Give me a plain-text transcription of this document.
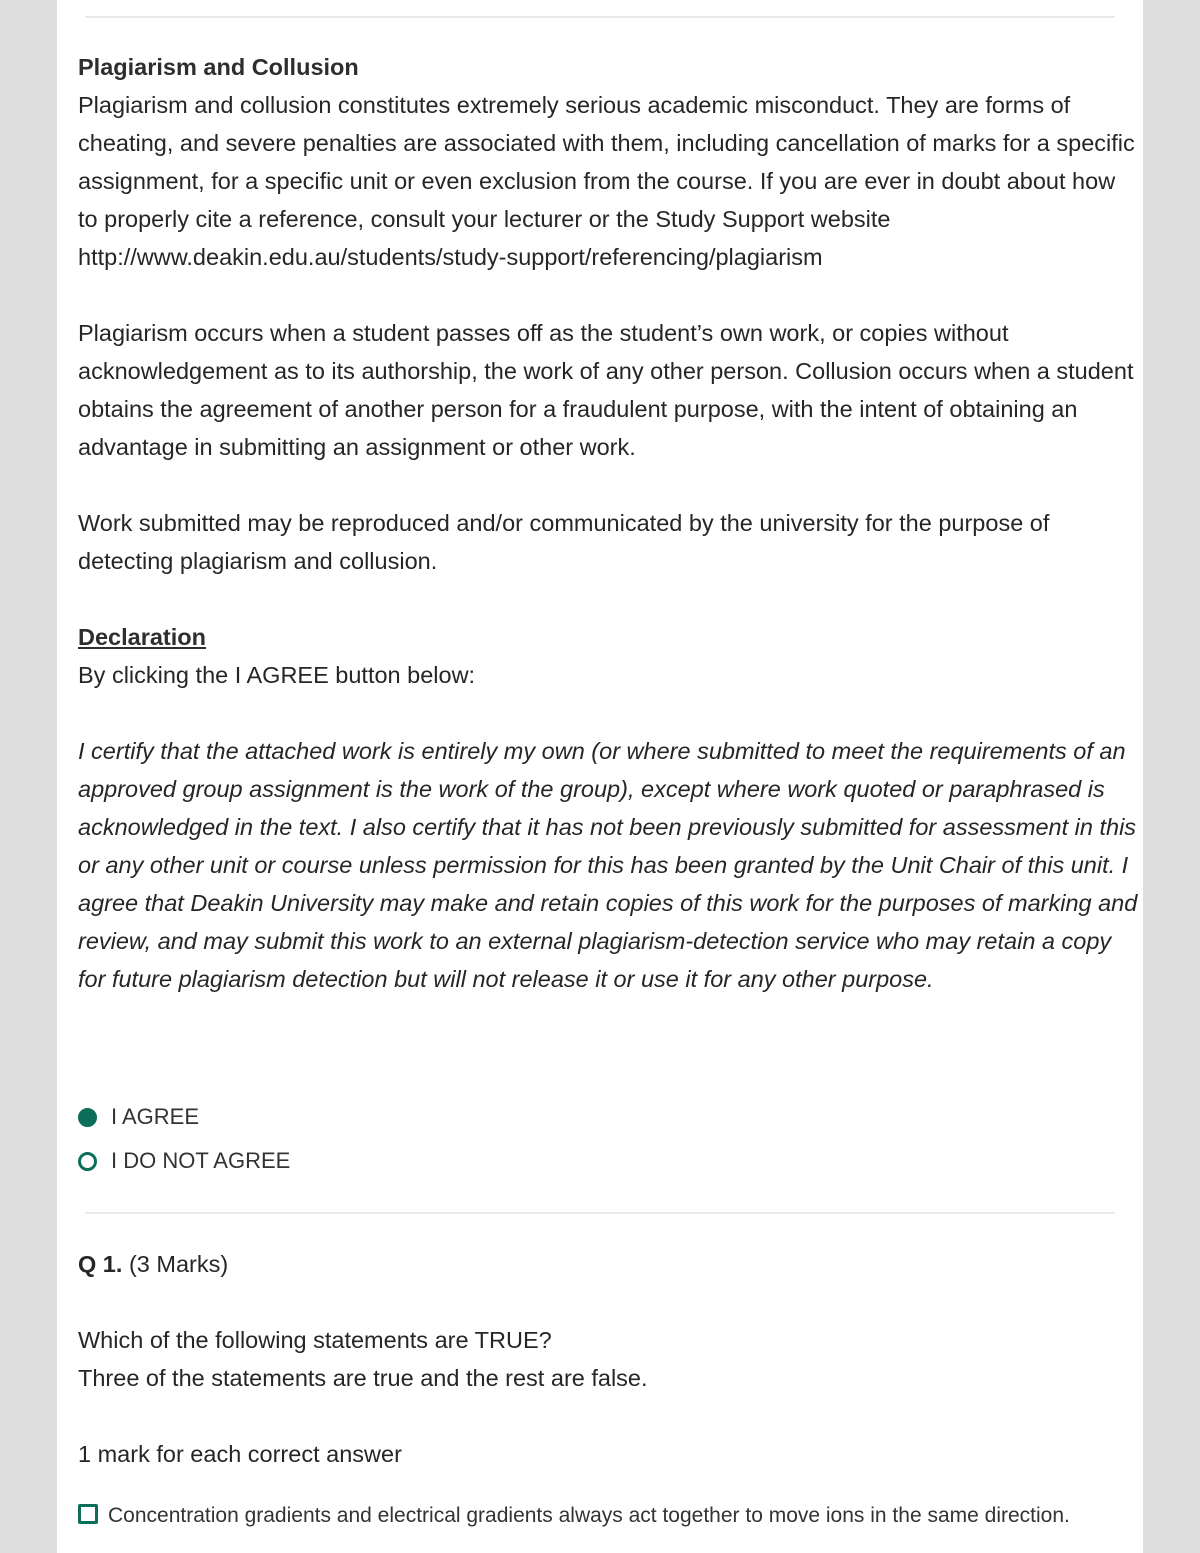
Plagiarism and Collusion

Plagiarism and collusion constitutes extremely serious academic misconduct. They are forms of cheating, and severe penalties are associated with them, including cancellation of marks for a specific assignment, for a specific unit or even exclusion from the course. If you are ever in doubt about how to properly cite a reference, consult your lecturer or the Study Support website http://www.deakin.edu.au/students/study-support/referencing/plagiarism

Plagiarism occurs when a student passes off as the student’s own work, or copies without acknowledgement as to its authorship, the work of any other person. Collusion occurs when a student obtains the agreement of another person for a fraudulent purpose, with the intent of obtaining an advantage in submitting an assignment or other work.

Work submitted may be reproduced and/or communicated by the university for the purpose of detecting plagiarism and collusion.

Declaration

By clicking the I AGREE button below:

I certify that the attached work is entirely my own (or where submitted to meet the requirements of an approved group assignment is the work of the group), except where work quoted or paraphrased is acknowledged in the text. I also certify that it has not been previously submitted for assessment in this or any other unit or course unless permission for this has been granted by the Unit Chair of this unit. I agree that Deakin University may make and retain copies of this work for the purposes of marking and review, and may submit this work to an external plagiarism-detection service who may retain a copy for future plagiarism detection but will not release it or use it for any other purpose.

I AGREE
I DO NOT AGREE

Q 1. (3 Marks)

Which of the following statements are TRUE?

Three of the statements are true and the rest are false.

1 mark for each correct answer

Concentration gradients and electrical gradients always act together to move ions in the same direction.
